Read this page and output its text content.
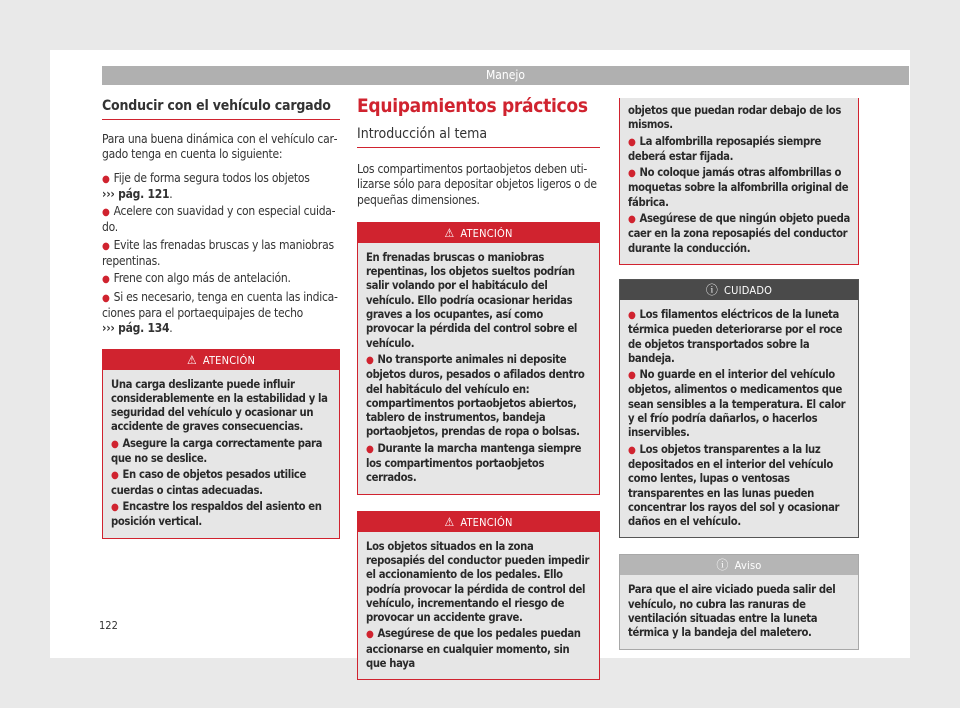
Manejo
Conducir con el vehículo cargado

Para una buena dinámica con el vehículo cargado tenga en cuenta lo siguiente:

● Fije de forma segura todos los objetos
››› pág. 121.

● Acelere con suavidad y con especial cuidado.

● Evite las frenadas bruscas y las maniobras repentinas.

● Frene con algo más de antelación.

● Si es necesario, tenga en cuenta las indicaciones para el portaequipajes de techo
››› pág. 134.

⚠ ATENCIÓN

Una carga deslizante puede influir considerablemente en la estabilidad y la seguridad del vehículo y ocasionar un accidente de graves consecuencias.

● Asegure la carga correctamente para que no se deslice.

● En caso de objetos pesados utilice cuerdas o cintas adecuadas.

● Encastre los respaldos del asiento en posición vertical.

Equipamientos prácticos
Introducción al tema

Los compartimentos portaobjetos deben utilizarse sólo para depositar objetos ligeros o de pequeñas dimensiones.

⚠ ATENCIÓN

En frenadas bruscas o maniobras repentinas, los objetos sueltos podrían salir volando por el habitáculo del vehículo. Ello podría ocasionar heridas graves a los ocupantes, así como provocar la pérdida del control sobre el vehículo.

● No transporte animales ni deposite objetos duros, pesados o afilados dentro del habitáculo del vehículo en: compartimentos portaobjetos abiertos, tablero de instrumentos, bandeja portaobjetos, prendas de ropa o bolsas.

● Durante la marcha mantenga siempre los compartimentos portaobjetos cerrados.

⚠ ATENCIÓN

Los objetos situados en la zona reposapiés del conductor pueden impedir el accionamiento de los pedales. Ello podría provocar la pérdida de control del vehículo, incrementando el riesgo de provocar un accidente grave.

● Asegúrese de que los pedales puedan accionarse en cualquier momento, sin que haya

objetos que puedan rodar debajo de los mismos.

● La alfombrilla reposapiés siempre deberá estar fijada.

● No coloque jamás otras alfombrillas o moquetas sobre la alfombrilla original de fábrica.

● Asegúrese de que ningún objeto pueda caer en la zona reposapiés del conductor durante la conducción.

ⓘ CUIDADO

● Los filamentos eléctricos de la luneta térmica pueden deteriorarse por el roce de objetos transportados sobre la bandeja.

● No guarde en el interior del vehículo objetos, alimentos o medicamentos que sean sensibles a la temperatura. El calor y el frío podría dañarlos, o hacerlos inservibles.

● Los objetos transparentes a la luz depositados en el interior del vehículo como lentes, lupas o ventosas transparentes en las lunas pueden concentrar los rayos del sol y ocasionar daños en el vehículo.

ⓘ Aviso

Para que el aire viciado pueda salir del vehículo, no cubra las ranuras de ventilación situadas entre la luneta térmica y la bandeja del maletero.

122
